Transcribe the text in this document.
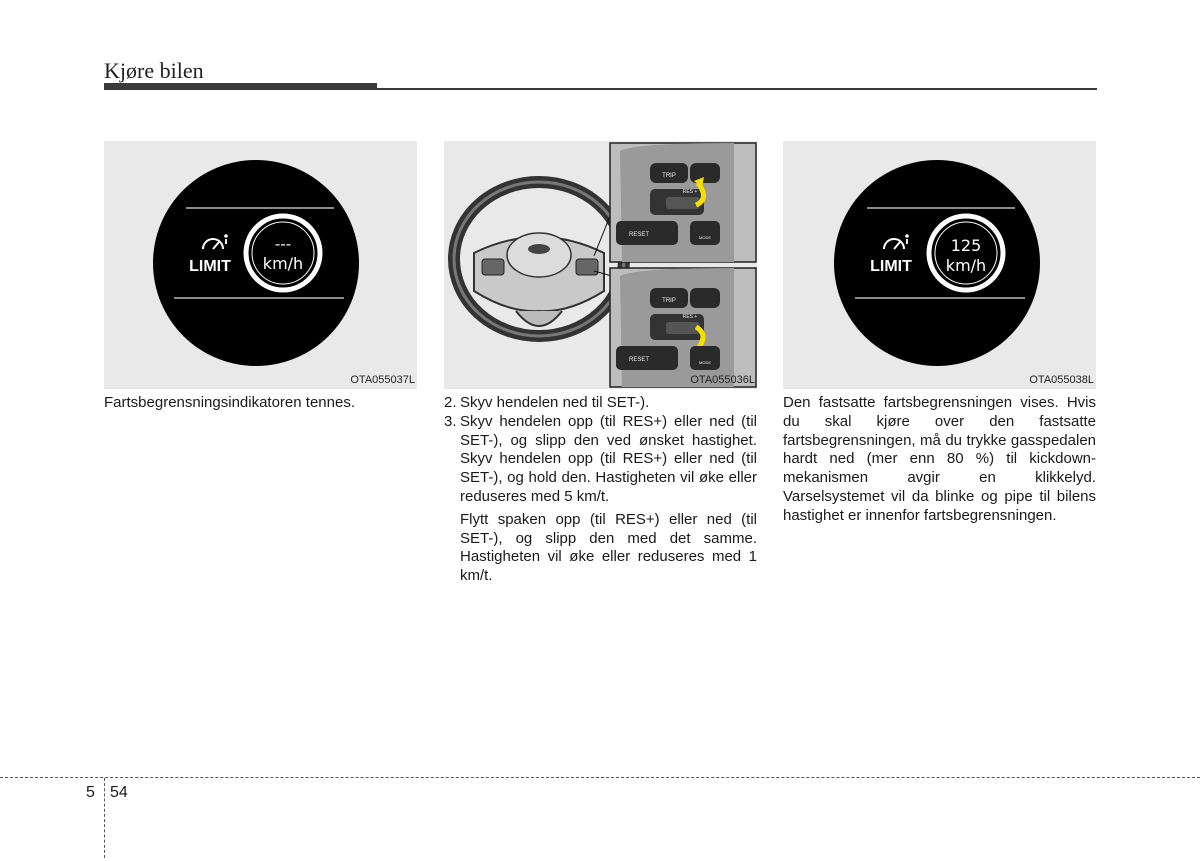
Kjøre bilen
LIMIT
---
km/h
OTA055037L
TRIP
RES +
RESET	MODE
TRIP
RES +
RESET	MODE
OTA055036L
LIMIT
125
km/h
OTA055038L

Fartsbegrensningsindikatoren tennes.	2. Skyv hendelen ned til SET-).
3. Skyv hendelen opp (til RES+) eller ned (til SET-), og slipp den ved ønsket hastighet. Skyv hendelen opp (til RES+) eller ned (til SET-), og hold den. Hastigheten vil øke eller reduseres med 5 km/t.

Flytt spaken opp (til RES+) eller ned (til SET-), og slipp den med det samme. Hastigheten vil øke eller reduseres med 1 km/t.

Den fastsatte fartsbegrensningen vises. Hvis du skal kjøre over den fastsatte fartsbegrensningen, må du trykke gasspedalen hardt ned (mer enn 80 %) til kickdown-mekanismen avgir en klikkelyd. Varselsystemet vil da blinke og pipe til bilens hastighet er innenfor fartsbegrensningen.

5 54
